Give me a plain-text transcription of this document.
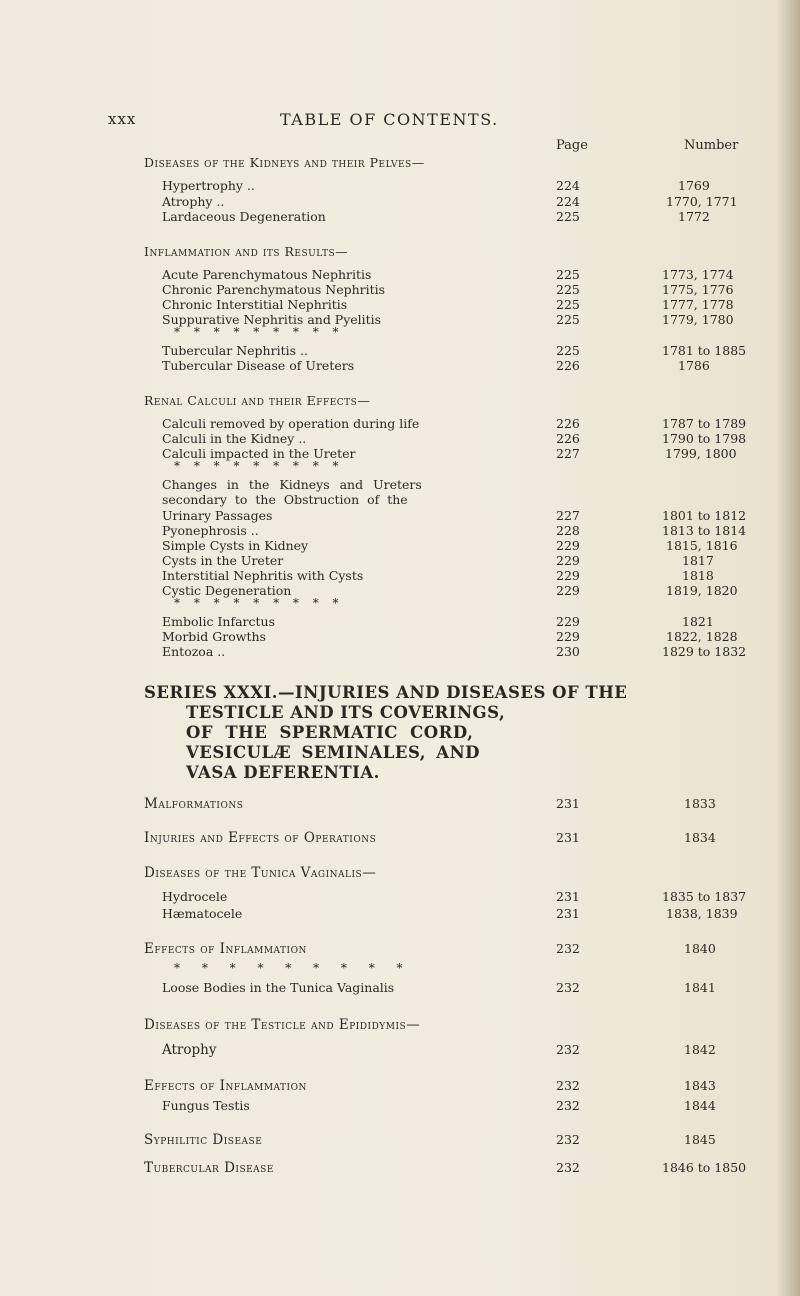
xxx	TABLE OF CONTENTS.
Page	Number
Diseases of the Kidneys and their Pelves—
Hypertrophy ..	224	1769
Atrophy ..	224	1770, 1771
Lardaceous Degeneration	225	1772
Inflammation and its Results—
Acute Parenchymatous Nephritis	225	1773, 1774
Chronic Parenchymatous Nephritis	225	1775, 1776
Chronic Interstitial Nephritis	225	1777, 1778
Suppurative Nephritis and Pyelitis	225	1779, 1780
* * * * * * * * *
Tubercular Nephritis ..	225	1781 to 1885
Tubercular Disease of Ureters	226	1786
Renal Calculi and their Effects—
Calculi removed by operation during life	226	1787 to 1789
Calculi in the Kidney ..	226	1790 to 1798
Calculi impacted in the Ureter	227	1799, 1800
* * * * * * * * *
Changes in the Kidneys and Ureters
secondary to the Obstruction of the
Urinary Passages	227	1801 to 1812
Pyonephrosis ..	228	1813 to 1814
Simple Cysts in Kidney	229	1815, 1816
Cysts in the Ureter	229	1817
Interstitial Nephritis with Cysts	229	1818
Cystic Degeneration	229	1819, 1820
* * * * * * * * *
Embolic Infarctus	229	1821
Morbid Growths	229	1822, 1828
Entozoa ..	230	1829 to 1832
SERIES XXXI.—INJURIES AND DISEASES OF THE
TESTICLE AND ITS COVERINGS,
OF THE SPERMATIC CORD,
VESICULÆ SEMINALES, AND
VASA DEFERENTIA.
Malformations	231	1833
Injuries and Effects of Operations	231	1834
Diseases of the Tunica Vaginalis—
Hydrocele	231	1835 to 1837
Hæmatocele	231	1838, 1839
Effects of Inflammation	232	1840
* * * * * * * * *
Loose Bodies in the Tunica Vaginalis	232	1841
Diseases of the Testicle and Epididymis—
Atrophy	232	1842
Effects of Inflammation	232	1843
Fungus Testis	232	1844
Syphilitic Disease	232	1845
Tubercular Disease	232	1846 to 1850
